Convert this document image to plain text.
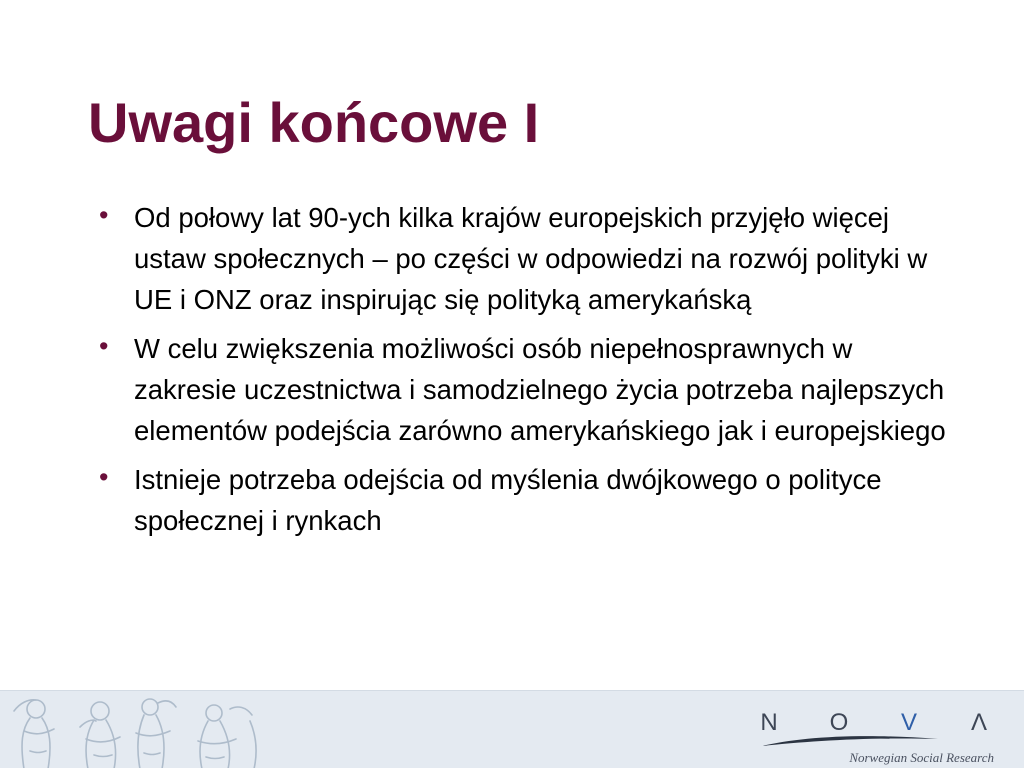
Uwagi końcowe I
• Od połowy lat 90-ych kilka krajów europejskich przyjęło więcej ustaw społecznych – po części w odpowiedzi na rozwój polityki w UE i ONZ oraz inspirując się polityką amerykańską
• W celu zwiększenia możliwości osób niepełnosprawnych w zakresie uczestnictwa i samodzielnego życia potrzeba najlepszych elementów podejścia zarówno amerykańskiego jak i europejskiego
• Istnieje potrzeba odejścia od myślenia dwójkowego o polityce społecznej i rynkach
N O V Λ
Norwegian Social Research
